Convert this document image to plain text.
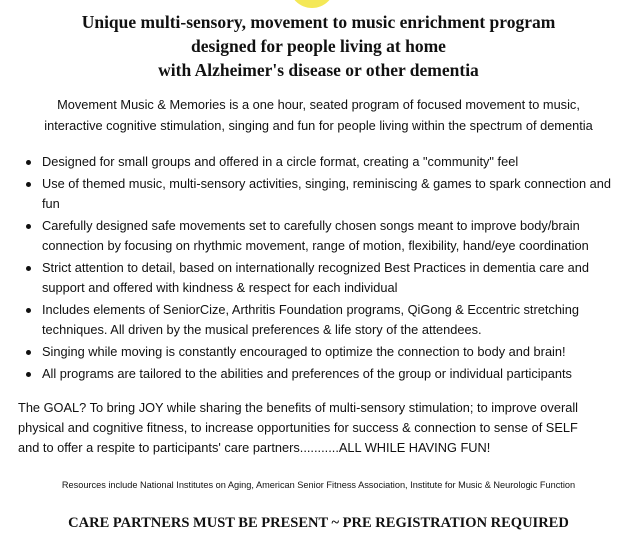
Unique multi-sensory, movement to music enrichment program
designed for people living at home
with Alzheimer's disease or other dementia
Movement Music & Memories is a one hour, seated program of focused movement to music,
interactive cognitive stimulation, singing and fun for people living within the spectrum of dementia
Designed for small groups and offered in a circle format, creating a "community" feel
Use of themed music, multi-sensory activities, singing, reminiscing & games to spark connection and
fun
Carefully designed safe movements set to carefully chosen songs meant to improve body/brain
connection by focusing on rhythmic movement, range of motion, flexibility, hand/eye coordination
Strict attention to detail, based on internationally recognized Best Practices in dementia care and
support and offered with kindness & respect for each individual
Includes elements of SeniorCize, Arthritis Foundation programs, QiGong & Eccentric stretching
techniques. All driven by the musical preferences & life story of the attendees.
Singing while moving is constantly encouraged to optimize the connection to body and brain!
All programs are tailored to the abilities and preferences of the group or individual participants
The GOAL? To bring JOY while sharing the benefits of multi-sensory stimulation; to improve overall
physical and cognitive fitness, to increase opportunities for success & connection to sense of SELF
and to offer a respite to participants' care partners...........ALL WHILE HAVING FUN!
Resources include National Institutes on Aging, American Senior Fitness Association, Institute for Music & Neurologic Function
CARE PARTNERS MUST BE PRESENT ~ PRE REGISTRATION REQUIRED
